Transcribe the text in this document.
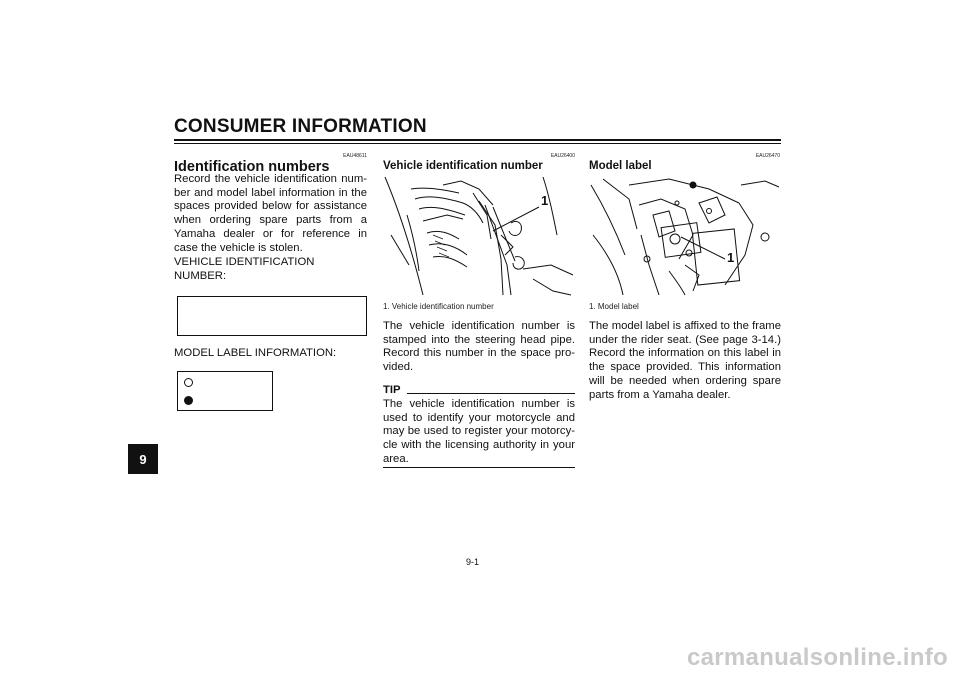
CONSUMER INFORMATION
9
EAU48611
Identification numbers
Record the vehicle identification number and model label information in the spaces provided below for assistance when ordering spare parts from a Yamaha dealer or for reference in case the vehicle is stolen.
VEHICLE IDENTIFICATION
NUMBER:
MODEL LABEL INFORMATION:
EAU26400
Vehicle identification number
1
1. Vehicle identification number
The vehicle identification number is stamped into the steering head pipe. Record this number in the space provided.
TIP
The vehicle identification number is used to identify your motorcycle and may be used to register your motorcycle with the licensing authority in your area.
EAU26470
Model label
1
1. Model label
The model label is affixed to the frame under the rider seat. (See page 3-14.) Record the information on this label in the space provided. This information will be needed when ordering spare parts from a Yamaha dealer.
9-1
carmanualsonline.info
